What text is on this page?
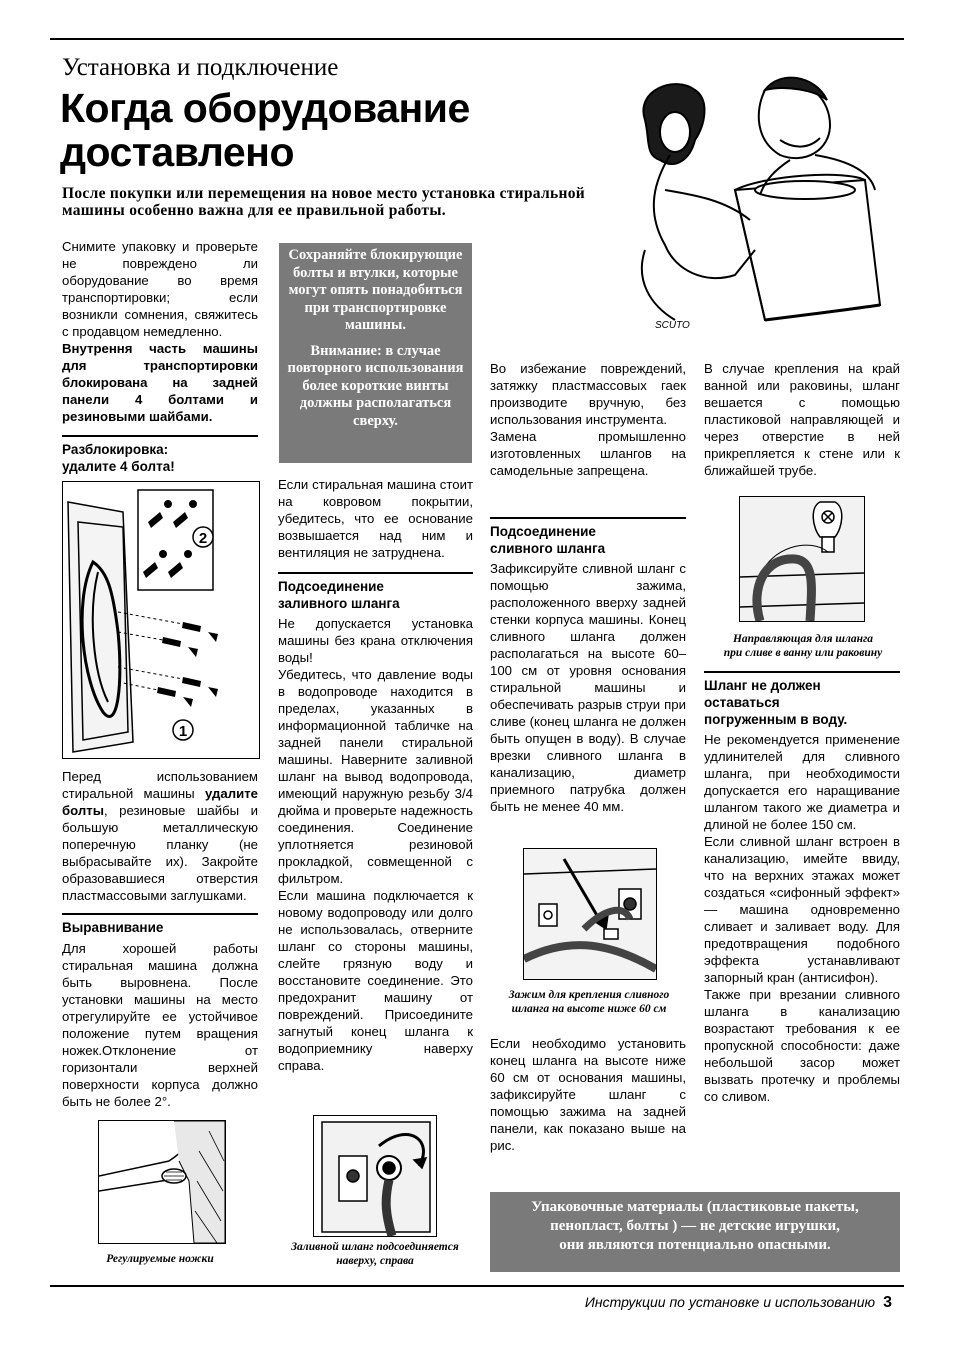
Установка и подключение
Когда оборудование
доставлено
После покупки или перемещения на новое место установка стиральной машины особенно важна для ее правильной работы.
SCUTO

Снимите упаковку и проверьте не повреждено ли оборудование во время транспортировки; если возникли сомнения, свяжитесь с продавцом немедленно.

Внутрення часть машины для транспортировки блокирована на задней панели 4 болтами и резиновыми шайбами.

Разблокировка:
удалите 4 болта!
2
1

Перед использованием стиральной машины удалите болты, резиновые шайбы и большую металлическую поперечную планку (не выбрасывайте их). Закройте образовавшиеся отверстия пластмассовыми заглушками.

Выравнивание

Для хорошей работы стиральная машина должна быть выровнена. После установки машины на место отрегулируйте ее устойчивое положение путем вращения ножек.Отклонение от горизонтали верхней поверхности корпуса должно быть не более 2°.

Регулируемые ножки
Сохраняйте блокирующие болты и втулки, которые могут опять понадобиться при транспортировке машины.
Внимание: в случае повторного использования более короткие винты должны располагаться сверху.

Если стиральная машина стоит на ковровом покрытии, убедитесь, что ее основание возвышается над ним и вентиляция не затруднена.

Подсоединение
заливного шланга

Не допускается установка машины без крана отключения воды!

Убедитесь, что давление воды в водопроводе находится в пределах, указанных в информационной табличке на задней панели стиральной машины. Наверните заливной шланг на вывод водопровода, имеющий наружную резьбу 3/4 дюйма и проверьте надежность соединения. Соединение уплотняется резиновой прокладкой, совмещенной с фильтром.

Если машина подключается к новому водопроводу или долго не использовалась, отверните шланг со стороны машины, слейте грязную воду и восстановите соединение. Это предохранит машину от повреждений. Присоедините загнутый конец шланга к водоприемнику наверху справа.

Заливной шланг подсоединяется
наверху, справа

Во избежание повреждений, затяжку пластмассовых гаек производите вручную, без использования инструмента.

Замена промышленно изготовленных шлангов на самодельные запрещена.

Подсоединение
сливного шланга

Зафиксируйте сливной шланг с помощью зажима, расположенного вверху задней стенки корпуса машины. Конец сливного шланга должен располагаться на высоте 60–100 см от уровня основания стиральной машины и обеспечивать разрыв струи при сливе (конец шланга не должен быть опущен в воду). В случае врезки сливного шланга в канализацию, диаметр приемного патрубка должен быть не менее 40 мм.

Зажим для крепления сливного
шланга на высоте ниже 60 см

Если необходимо установить конец шланга на высоте ниже 60 см от основания машины, зафиксируйте шланг с помощью зажима на задней панели, как показано выше на рис.

В случае крепления на край ванной или раковины, шланг вешается с помощью пластиковой направляющей и через отверстие в ней прикрепляется к стене или к ближайшей трубе.

Направляющая для шланга
при сливе в ванну или раковину
Шланг не должен
оставаться
погруженным в воду.

Не рекомендуется применение удлинителей для сливного шланга, при необходимости допускается его наращивание шлангом такого же диаметра и длиной не более 150 см.

Если сливной шланг встроен в канализацию, имейте ввиду, что на верхних этажах может создаться «сифонный эффект» — машина одновременно сливает и заливает воду. Для предотвращения подобного эффекта устанавливают запорный кран (антисифон).

Также при врезании сливного шланга в канализацию возрастают требования к ее пропускной способности: даже небольшой засор может вызвать протечку и проблемы со сливом.

Упаковочные материалы (пластиковые пакеты,
пенопласт, болты ) — не детские игрушки,
они являются потенциально опасными.
Инструкции по установке и использованию 3
